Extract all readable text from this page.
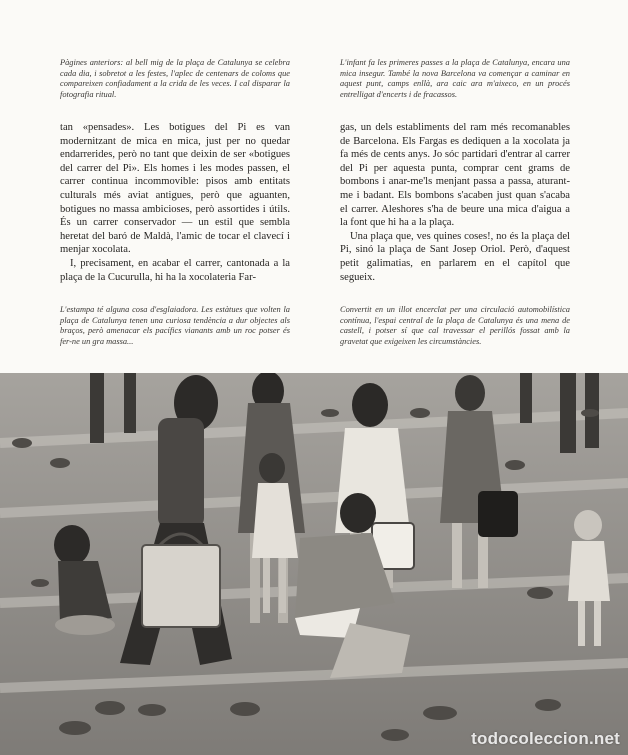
Pàgines anteriors: al bell mig de la plaça de Catalunya se celebra cada dia, i sobretot a les festes, l'aplec de centenars de coloms que compareixen confiadament a la crida de les veces. I cal disparar la fotografia ritual.
L'infant fa les primeres passes a la plaça de Catalunya, encara una mica insegur. També la nova Barcelona va començar a caminar en aquest punt, camps enllà, ara caic ara m'aixeco, en un procés entrelligat d'encerts i de fracassos.

tan «pensades». Les botigues del Pi es van modernitzant de mica en mica, just per no quedar endarrerides, però no tant que deixin de ser «botigues del carrer del Pi». Els homes i les modes passen, el carrer continua incommovible: pisos amb entitats culturals més aviat antigues, però que aguanten, botigues no massa ambicioses, però assortides i útils. És un carrer conservador — un estil que sembla heretat del baró de Maldà, l'amic de tocar el clavecí i menjar xocolata.

I, precisament, en acabar el carrer, cantonada a la plaça de la Cucurulla, hi ha la xocolateria Far-

gas, un dels establiments del ram més recomanables de Barcelona. Els Fargas es dediquen a la xocolata ja fa més de cents anys. Jo sóc partidari d'entrar al carrer del Pi per aquesta punta, comprar cent grams de bombons i anar-me'ls menjant passa a passa, aturant-me i badant. Els bombons s'acaben just quan s'acaba el carrer. Aleshores s'ha de beure una mica d'aigua a la font que hi ha a la plaça.

Una plaça que, ves quines coses!, no és la plaça del Pi, sinó la plaça de Sant Josep Oriol. Però, d'aquest petit galimatias, en parlarem en el capítol que segueix.

L'estampa té alguna cosa d'esglaiadora. Les estàtues que volten la plaça de Catalunya tenen una curiosa tendència a dur objectes als braços, però amenacar els pacífics vianants amb un roc potser és fer-ne un gra massa...
Convertit en un illot encerclat per una circulació automobilística contínua, l'espai central de la plaça de Catalunya és una mena de castell, i potser sí que cal travessar el perillós fossat amb la gravetat que exigeixen les circumstàncies.
todocoleccion.net
